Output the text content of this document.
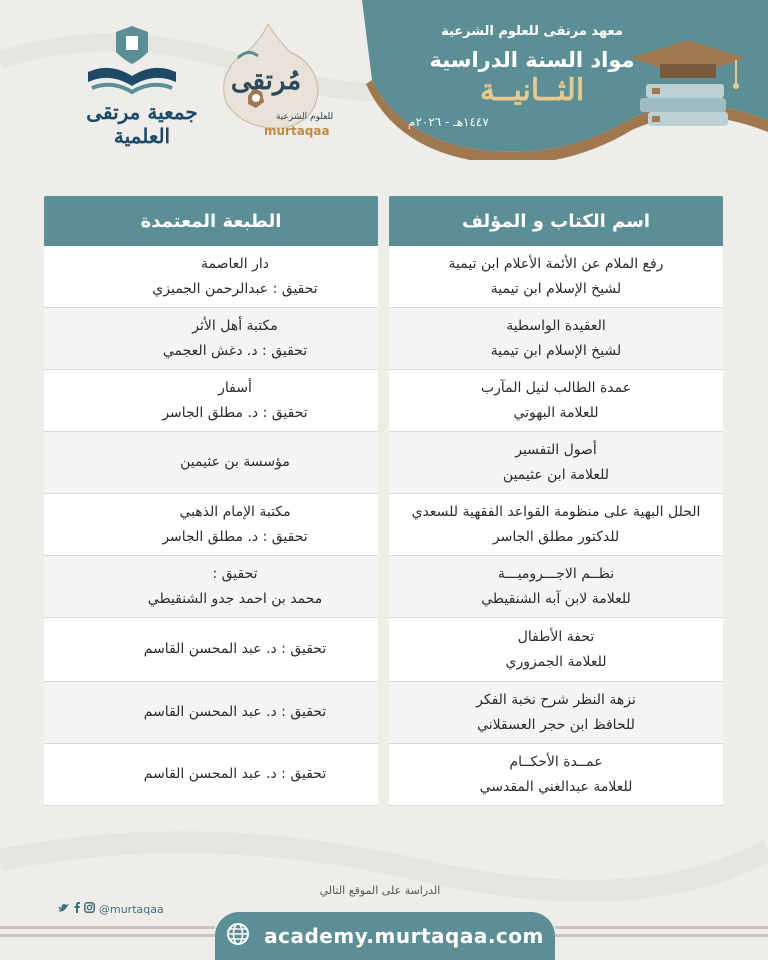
معهد مرتقى للعلوم الشرعية
مواد السنة الدراسية
الثــانيــة
١٤٤٧هـ - ٢٠٢٦م
جمعية مرتقى العلمية
مُرتقى
للعلوم الشرعية
murtaqaa
الطبعة المعتمدة
دار العاصمة
تحقيق : عبدالرحمن الجميزي
مكتبة أهل الأثر
تحقيق : د. دغش العجمي
أسفار
تحقيق : د. مطلق الجاسر
مؤسسة بن عثيمين
مكتبة الإمام الذهبي
تحقيق : د. مطلق الجاسر
تحقيق :
محمد بن احمد جدو الشنقيطي
تحقيق : د. عبد المحسن القاسم
تحقيق : د. عبد المحسن القاسم
تحقيق : د. عبد المحسن القاسم
اسم الكتاب و المؤلف
رفع الملام عن الأئمة الأعلام ابن تيمية
لشيخ الإسلام ابن تيمية
العقيدة الواسطية
لشيخ الإسلام ابن تيمية
عمدة الطالب لنيل المآرب
للعلامة البهوتي
أصول التفسير
للعلامة ابن عثيمين
الحلل البهية على منظومة القواعد الفقهية للسعدي
للدكتور مطلق الجاسر
نظــم الاجـــروميـــة
للعلامة لابن آبه الشنقيطي
تحفة الأطفال
للعلامة الجمزوري
نزهة النظر شرح نخبة الفكر
للحافظ ابن حجر العسقلاني
عمــدة الأحكــام
للعلامة عبدالغني المقدسي
الدراسة على الموقع التالي
@murtaqaa
academy.murtaqaa.com
